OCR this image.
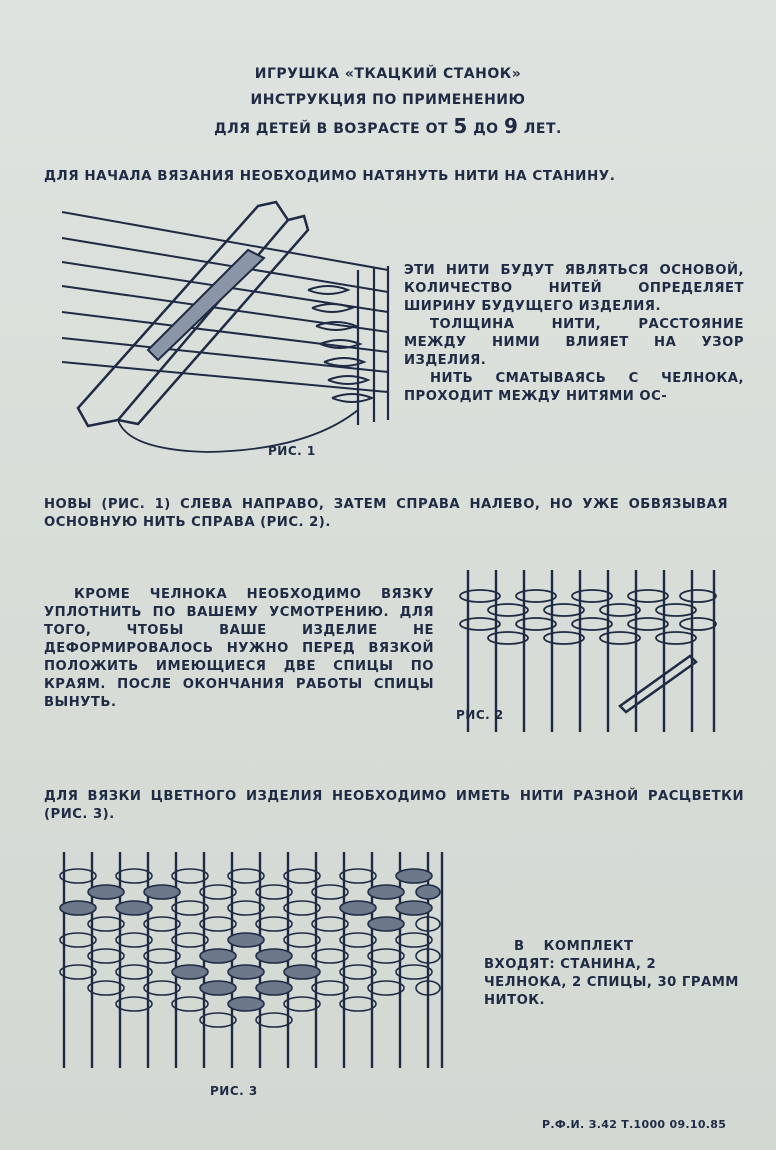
ИГРУШКА «ТКАЦКИЙ СТАНОК»
ИНСТРУКЦИЯ ПО ПРИМЕНЕНИЮ
ДЛЯ ДЕТЕЙ В ВОЗРАСТЕ ОТ 5 ДО 9 ЛЕТ.
ДЛЯ НАЧАЛА ВЯЗАНИЯ НЕОБХОДИМО НАТЯНУТЬ НИТИ НА СТАНИНУ.
РИС. 1

ЭТИ НИТИ БУДУТ ЯВЛЯТЬСЯ ОСНОВОЙ, КОЛИЧЕСТВО НИТЕЙ ОПРЕДЕЛЯЕТ ШИРИНУ БУДУЩЕГО ИЗДЕЛИЯ.

ТОЛЩИНА НИТИ, РАССТОЯНИЕ МЕЖДУ НИМИ ВЛИЯЕТ НА УЗОР ИЗДЕЛИЯ.

НИТЬ СМАТЫВАЯСЬ С ЧЕЛНОКА, ПРОХОДИТ МЕЖДУ НИТЯМИ ОС-

НОВЫ (РИС. 1) СЛЕВА НАПРАВО, ЗАТЕМ СПРАВА НАЛЕВО, НО УЖЕ ОБВЯЗЫВАЯ ОСНОВНУЮ НИТЬ СПРАВА (РИС. 2).
КРОМЕ ЧЕЛНОКА НЕОБХОДИМО ВЯЗКУ УПЛОТНИТЬ ПО ВАШЕМУ УСМОТРЕНИЮ. ДЛЯ ТОГО, ЧТОБЫ ВАШЕ ИЗДЕЛИЕ НЕ ДЕФОРМИРОВАЛОСЬ НУЖНО ПЕРЕД ВЯЗКОЙ ПОЛОЖИТЬ ИМЕЮЩИЕСЯ ДВЕ СПИЦЫ ПО КРАЯМ. ПОСЛЕ ОКОНЧАНИЯ РАБОТЫ СПИЦЫ ВЫНУТЬ.
РИС. 2
ДЛЯ ВЯЗКИ ЦВЕТНОГО ИЗДЕЛИЯ НЕОБХОДИМО ИМЕТЬ НИТИ РАЗНОЙ РАСЦВЕТКИ (РИС. 3).
РИС. 3
В КОМПЛЕКТ
ВХОДЯТ: СТАНИНА, 2 ЧЕЛНОКА, 2 СПИЦЫ, 30 ГРАММ НИТОК.
Р.Ф.И. З.42 Т.1000 09.10.85
